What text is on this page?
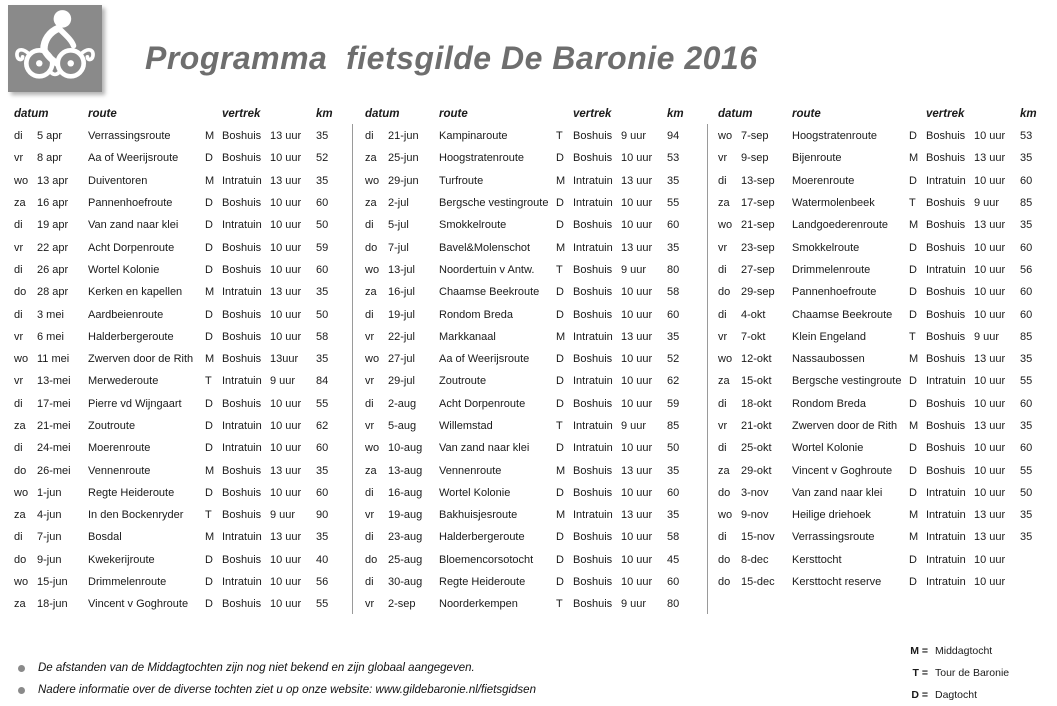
Programma  fietsgilde De Baronie 2016
datum	route	vertrek	km
di	5 apr	Verrassingsroute	M Boshuis 13 uur	35
vr	8 apr	Aa of Weerijsroute	D Boshuis 10 uur	52
wo 13 apr	Duiventoren	M Intratuin 13 uur	35
za	16 apr	Pannenhoefroute	D Boshuis 10 uur	60
di	19 apr	Van zand naar klei	D Intratuin 10 uur	50
vr	22 apr	Acht Dorpenroute	D Boshuis 10 uur	59
di	26 apr	Wortel Kolonie	D Boshuis 10 uur	60
do 28 apr	Kerken en kapellen	M Intratuin 13 uur	35
di	3 mei	Aardbeienroute	D Boshuis 10 uur	50
vr	6 mei	Halderbergeroute	D Boshuis 10 uur	58
wo 11 mei	Zwerven door de Rith	M Boshuis 13uur	35
vr	13-mei	Merwederoute	T Intratuin 9 uur	84
di	17-mei	Pierre vd Wijngaart	D Boshuis 10 uur	55
za	21-mei	Zoutroute	D Intratuin 10 uur	62
di	24-mei	Moerenroute	D Intratuin 10 uur	60
do 26-mei	Vennenroute	M Boshuis 13 uur	35
wo 1-jun	Regte Heideroute	D Boshuis 10 uur	60
za	4-jun	In den Bockenryder	T Boshuis 9 uur	90
di	7-jun	Bosdal	M Intratuin 13 uur	35
do 9-jun	Kwekerijroute	D Boshuis 10 uur	40
wo 15-jun	Drimmelenroute	D Intratuin 10 uur	56
za	18-jun	Vincent v Goghroute	D Boshuis 10 uur	55
datum	route	vertrek	km
di	21-jun	Kampinaroute	T Boshuis 9 uur	94
za	25-jun	Hoogstratenroute	D Boshuis 10 uur	53
wo 29-jun	Turfroute	M Intratuin 13 uur	35
za	2-jul	Bergsche vestingroute D Intratuin 10 uur	55
di	5-jul	Smokkelroute	D Boshuis 10 uur	60
do 7-jul	Bavel&Molenschot	M Intratuin 13 uur	35
wo 13-jul	Noordertuin v Antw.	T Boshuis 9 uur	80
za	16-jul	Chaamse Beekroute	D Boshuis 10 uur	58
di	19-jul	Rondom Breda	D Boshuis 10 uur	60
vr	22-jul	Markkanaal	M Intratuin 13 uur	35
wo 27-jul	Aa of Weerijsroute	D Boshuis 10 uur	52
vr	29-jul	Zoutroute	D Intratuin 10 uur	62
di	2-aug	Acht Dorpenroute	D Boshuis 10 uur	59
vr	5-aug	Willemstad	T Intratuin 9 uur	85
wo 10-aug	Van zand naar klei	D Intratuin 10 uur	50
za	13-aug	Vennenroute	M Boshuis 13 uur	35
di	16-aug	Wortel Kolonie	D Boshuis 10 uur	60
vr	19-aug	Bakhuisjesroute	M Intratuin 13 uur	35
di	23-aug	Halderbergeroute	D Boshuis 10 uur	58
do 25-aug	Bloemencorsotocht	D Boshuis 10 uur	45
di	30-aug	Regte Heideroute	D Boshuis 10 uur	60
vr	2-sep	Noorderkempen	T Boshuis 9 uur	80
datum	route	vertrek	km
wo 7-sep	Hoogstratenroute	D Boshuis 10 uur	53
vr	9-sep	Bijenroute	M Boshuis 13 uur	35
di	13-sep	Moerenroute	D Intratuin 10 uur	60
za	17-sep	Watermolenbeek	T Boshuis 9 uur	85
wo 21-sep	Landgoederenroute	M Boshuis 13 uur	35
vr	23-sep	Smokkelroute	D Boshuis 10 uur	60
di	27-sep	Drimmelenroute	D Intratuin 10 uur	56
do 29-sep	Pannenhoefroute	D Boshuis 10 uur	60
di	4-okt	Chaamse Beekroute	D Boshuis 10 uur	60
vr	7-okt	Klein Engeland	T Boshuis 9 uur	85
wo 12-okt	Nassaubossen	M Boshuis 13 uur	35
za	15-okt	Bergsche vestingroute D Intratuin 10 uur	55
di	18-okt	Rondom Breda	D Boshuis 10 uur	60
vr	21-okt	Zwerven door de Rith	M Boshuis 13 uur	35
di	25-okt	Wortel Kolonie	D Boshuis 10 uur	60
za	29-okt	Vincent v Goghroute	D Boshuis 10 uur	55
do 3-nov	Van zand naar klei	D Intratuin 10 uur	50
wo 9-nov	Heilige driehoek	M Intratuin 13 uur	35
di	15-nov	Verrassingsroute	M Intratuin 13 uur	35
do 8-dec	Kersttocht	D Intratuin 10 uur
do 15-dec	Kersttocht reserve	D Intratuin 10 uur
De afstanden van de Middagtochten zijn nog niet bekend en zijn globaal aangegeven.
Nadere informatie over de diverse tochten ziet u op onze website: www.gildebaronie.nl/fietsgidsen
M = Middagtocht
T = Tour de Baronie
D = Dagtocht
